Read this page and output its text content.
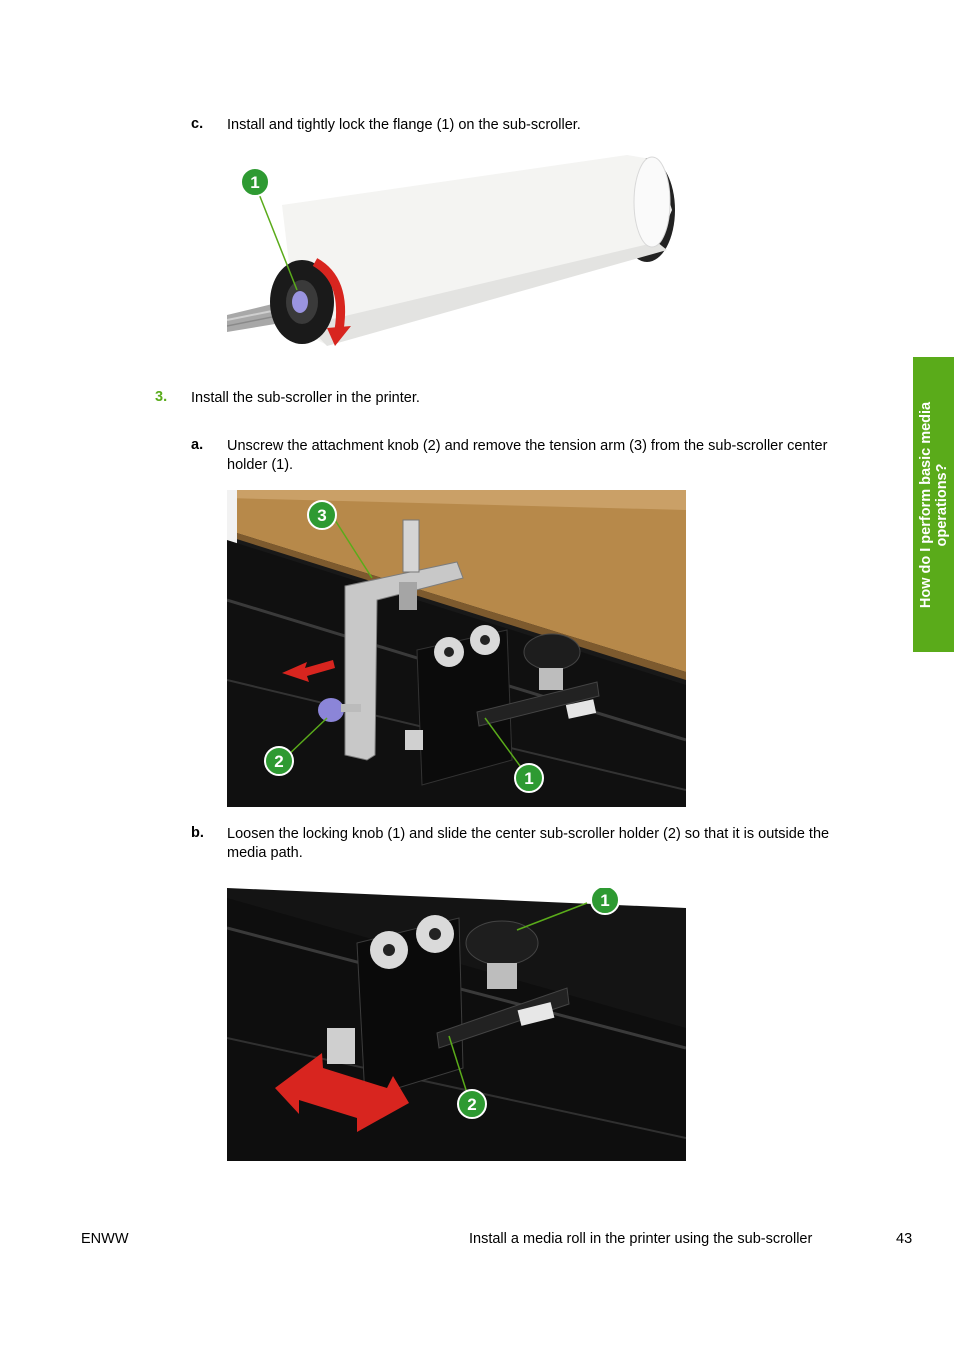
c. Install and tightly lock the flange (1) on the sub-scroller.
1
3. Install the sub-scroller in the printer.
a. Unscrew the attachment knob (2) and remove the tension arm (3) from the sub-scroller center
holder (1).
3
2
1
b. Loosen the locking knob (1) and slide the center sub-scroller holder (2) so that it is outside the
media path.
1
2
How do I perform basic media operations?
ENWW	Install a media roll in the printer using the sub-scroller	43
